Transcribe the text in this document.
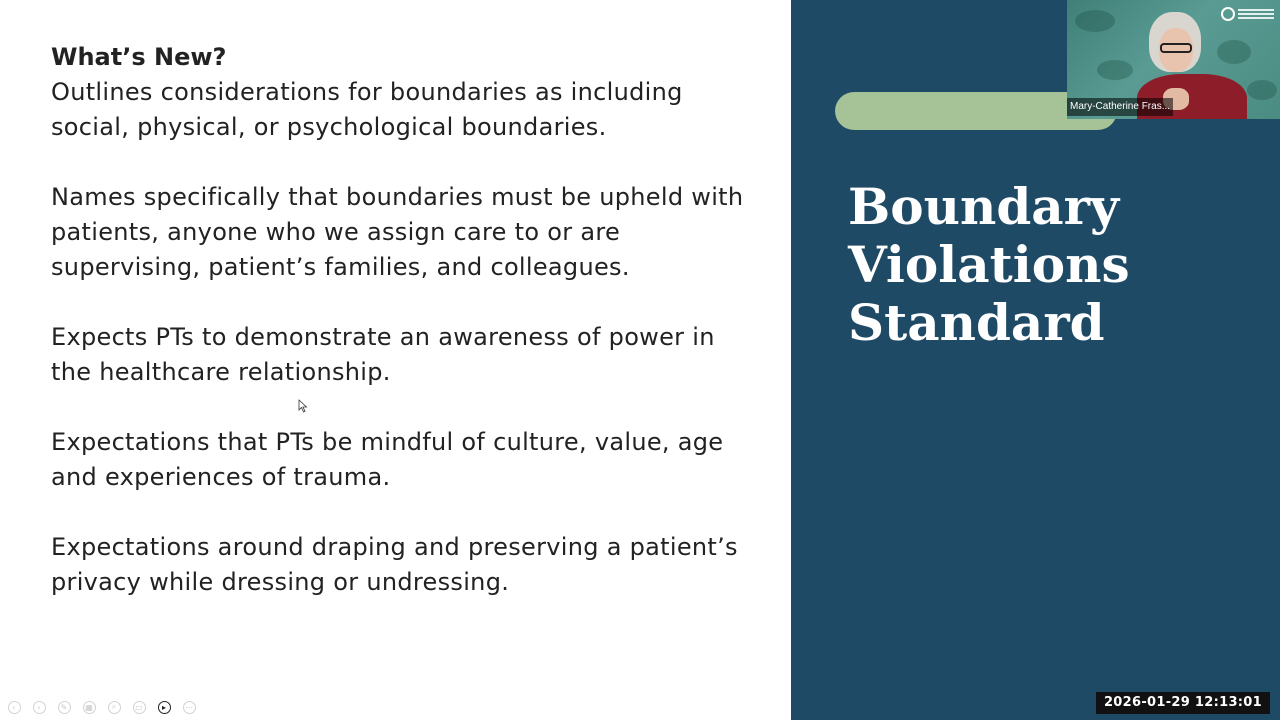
What’s New?

Outlines considerations for boundaries as including
social, physical, or psychological boundaries.

Names specifically that boundaries must be upheld with
patients, anyone who we assign care to or are
supervising, patient’s families, and colleagues.

Expects PTs to demonstrate an awareness of power in
the healthcare relationship.

Expectations that PTs be mindful of culture, value, age
and experiences of trauma.

Expectations around draping and preserving a patient’s
privacy while dressing or undressing.

‹	›	✎	▦	⌕	▭	▸	⋯
Boundary
Violations
Standard
Mary-Catherine Fras...
2026-01-29 12:13:01
